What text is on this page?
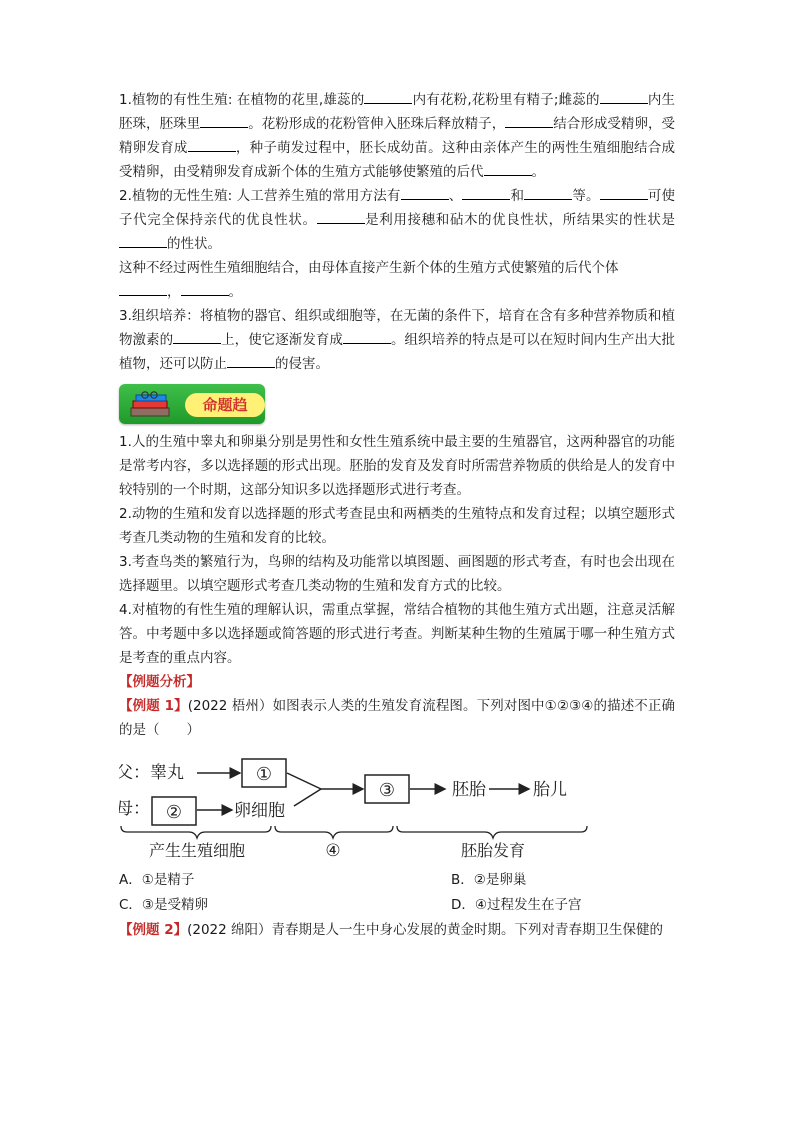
1.植物的有性生殖: 在植物的花里,雄蕊的	内有花粉,花粉里有精子;雌蕊的	内生胚珠，胚珠里	。花粉形成的花粉管伸入胚珠后释放精子，	结合形成受精卵，受精卵发育成	，种子萌发过程中，胚长成幼苗。这种由亲体产生的两性生殖细胞结合成受精卵，由受精卵发育成新个体的生殖方式能够使繁殖的后代	。

2.植物的无性生殖: 人工营养生殖的常用方法有	、	和	等。	可使子代完全保持亲代的优良性状。	是利用接穗和砧木的优良性状，所结果实的性状是的性状。

这种不经过两性生殖细胞结合，由母体直接产生新个体的生殖方式使繁殖的后代个体
，	。

3.组织培养：将植物的器官、组织或细胞等，在无菌的条件下，培育在含有多种营养物质和植物激素的	上，使它逐渐发育成	。组织培养的特点是可以在短时间内生产出大批植物，还可以防止	的侵害。

命题趋

1.人的生殖中睾丸和卵巢分别是男性和女性生殖系统中最主要的生殖器官，这两种器官的功能是常考内容，多以选择题的形式出现。胚胎的发育及发育时所需营养物质的供给是人的发育中较特别的一个时期，这部分知识多以选择题形式进行考查。

2.动物的生殖和发育以选择题的形式考查昆虫和两栖类的生殖特点和发育过程；以填空题形式考查几类动物的生殖和发育的比较。

3.考查鸟类的繁殖行为，鸟卵的结构及功能常以填图题、画图题的形式考查，有时也会出现在选择题里。以填空题形式考查几类动物的生殖和发育方式的比较。

4.对植物的有性生殖的理解认识，需重点掌握，常结合植物的其他生殖方式出题，注意灵活解答。中考题中多以选择题或简答题的形式进行考查。判断某种生物的生殖属于哪一种生殖方式是考查的重点内容。

【例题分析】

【例题 1】(2022 梧州）如图表示人类的生殖发育流程图。下列对图中①②③④的描述不正确的是（　　）

父：睾丸	①
母： ②	卵细胞
③	胚胎	胎儿
产生生殖细胞	④	胚胎发育
A．①是精子	B．②是卵巢
C．③是受精卵	D．④过程发生在子宫

【例题 2】(2022 绵阳）青春期是人一生中身心发展的黄金时期。下列对青春期卫生保健的
